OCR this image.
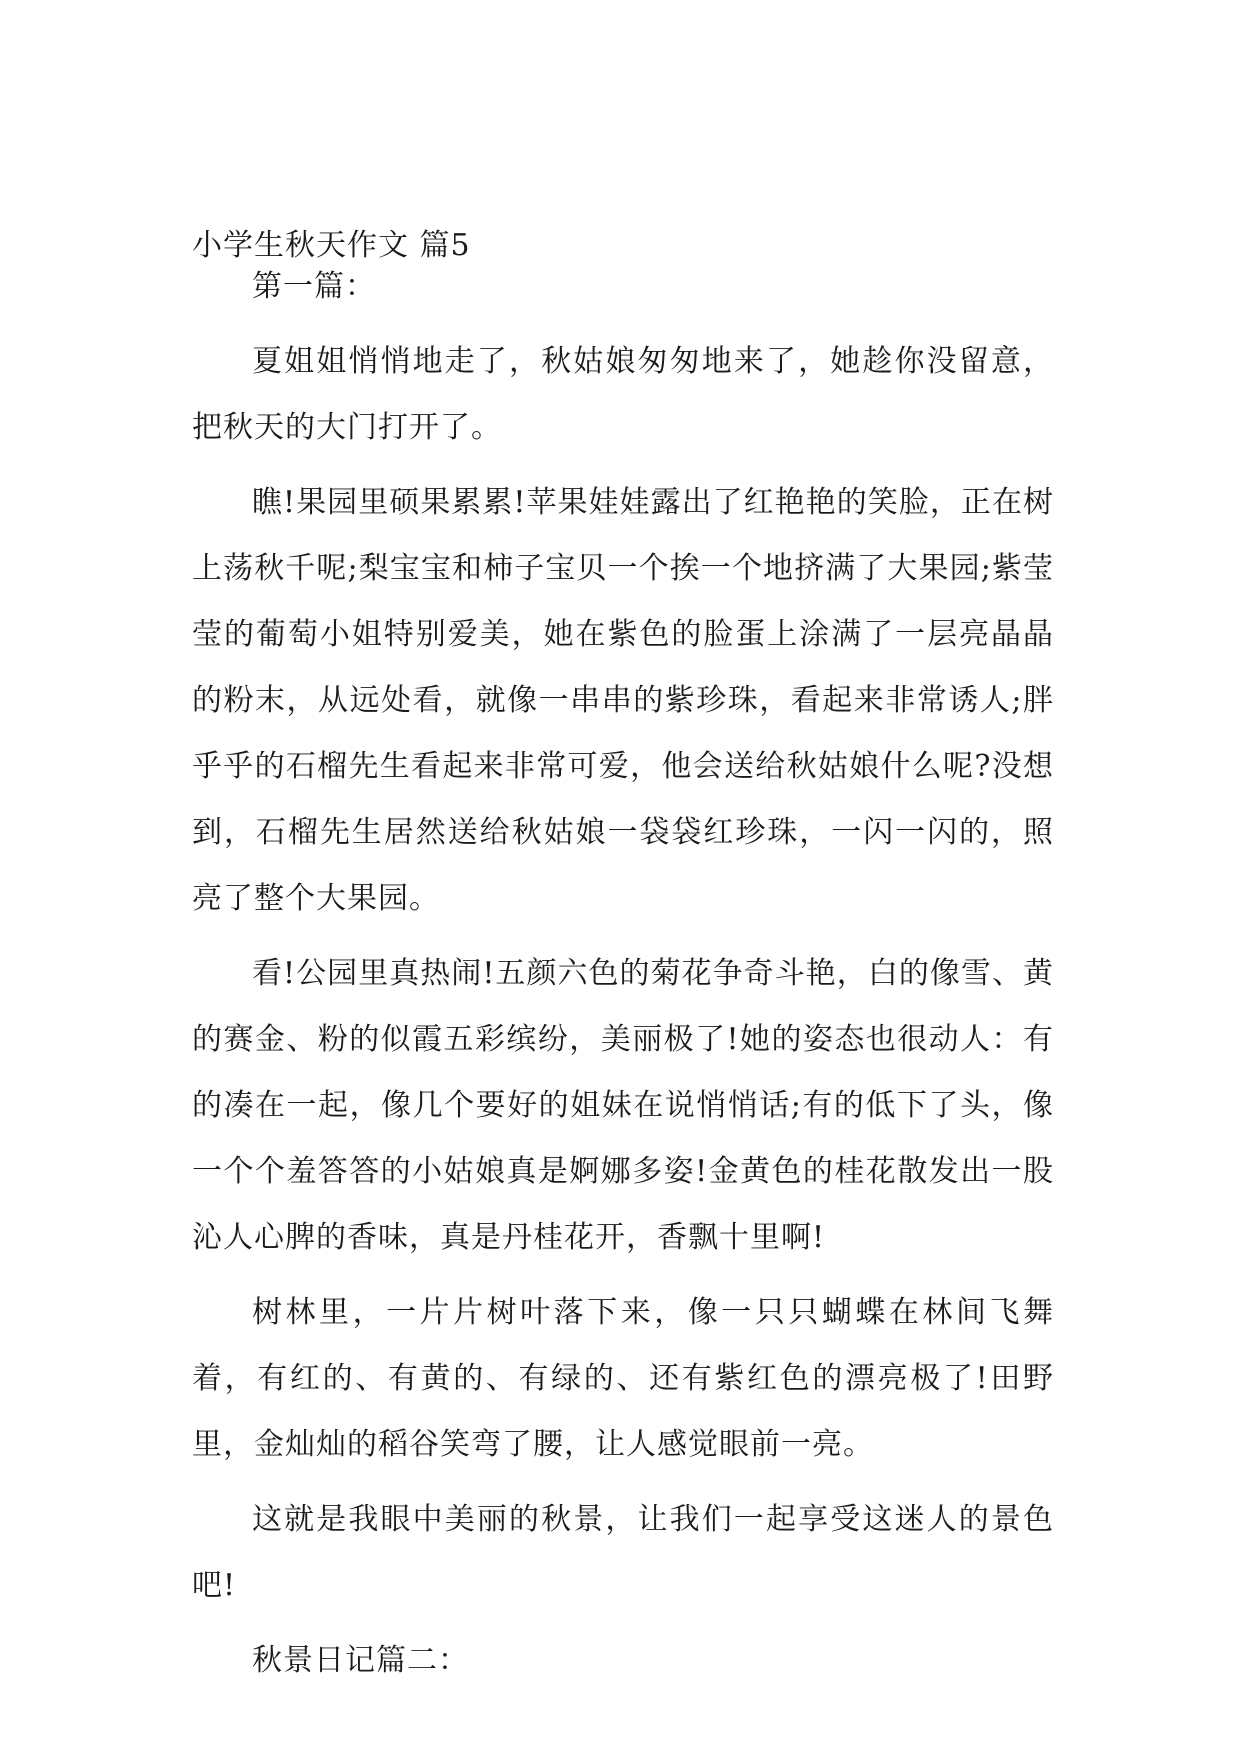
小学生秋天作文 篇5

第一篇：

夏姐姐悄悄地走了，秋姑娘匆匆地来了，她趁你没留意，把秋天的大门打开了。

瞧!果园里硕果累累!苹果娃娃露出了红艳艳的笑脸，正在树上荡秋千呢;梨宝宝和柿子宝贝一个挨一个地挤满了大果园;紫莹莹的葡萄小姐特别爱美，她在紫色的脸蛋上涂满了一层亮晶晶的粉末，从远处看，就像一串串的紫珍珠，看起来非常诱人;胖乎乎的石榴先生看起来非常可爱，他会送给秋姑娘什么呢?没想到，石榴先生居然送给秋姑娘一袋袋红珍珠，一闪一闪的，照亮了整个大果园。

看!公园里真热闹!五颜六色的菊花争奇斗艳，白的像雪、黄的赛金、粉的似霞五彩缤纷，美丽极了!她的姿态也很动人：有的凑在一起，像几个要好的姐妹在说悄悄话;有的低下了头，像一个个羞答答的小姑娘真是婀娜多姿!金黄色的桂花散发出一股沁人心脾的香味，真是丹桂花开，香飘十里啊!

树林里，一片片树叶落下来，像一只只蝴蝶在林间飞舞着，有红的、有黄的、有绿的、还有紫红色的漂亮极了!田野里，金灿灿的稻谷笑弯了腰，让人感觉眼前一亮。

这就是我眼中美丽的秋景，让我们一起享受这迷人的景色吧!

秋景日记篇二：
